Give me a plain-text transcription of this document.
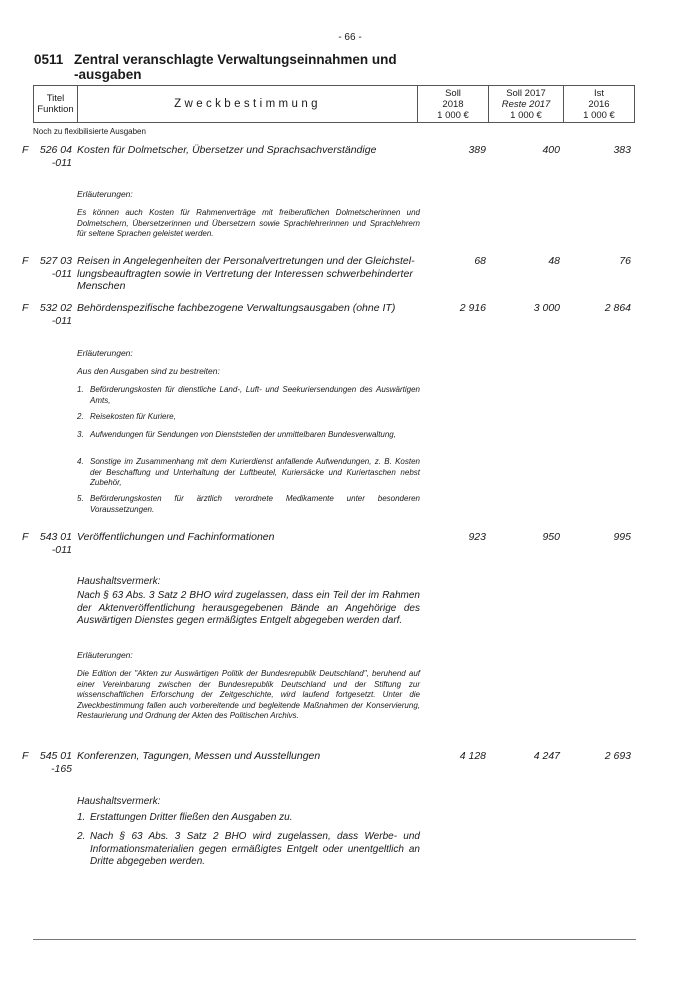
- 66 -
0511 Zentral veranschlagte Verwaltungseinnahmen und
-ausgaben
Titel
Funktion	Zweckbestimmung	
Soll
2018
1 000 €

Soll 2017
Reste 2017
1 000 €

Ist
2016
1 000 €
Noch zu flexibilisierte Ausgaben
F 526 04
-011
Kosten für Dolmetscher, Übersetzer und Sprachsachverständige	389	400	383
Erläuterungen:
Es können auch Kosten für Rahmenverträge mit freiberuflichen Dolmetscherinnen und Dolmetschern, Übersetzerinnen und Übersetzern sowie Sprachlehrerinnen und Sprachlehrern für seltene Sprachen geleistet werden.
F 527 03
-011
Reisen in Angelegenheiten der Personalvertretungen und der Gleichstel-
lungsbeauftragten sowie in Vertretung der Interessen schwerbehinderter
Menschen
68	48	76
F 532 02
-011
Behördenspezifische fachbezogene Verwaltungsausgaben (ohne IT)	2 916	3 000	2 864
Erläuterungen:
Aus den Ausgaben sind zu bestreiten:
1. Beförderungskosten für dienstliche Land-, Luft- und Seekuriersendungen des Auswärtigen Amts,
2. Reisekosten für Kuriere,
3. Aufwendungen für Sendungen von Dienststellen der unmittelbaren Bundesverwaltung,
4. Sonstige im Zusammenhang mit dem Kurierdienst anfallende Aufwendungen, z. B. Kosten der Beschaffung und Unterhaltung der Luftbeutel, Kuriersäcke und Kuriertaschen nebst Zubehör,
5. Beförderungskosten für ärztlich verordnete Medikamente unter besonderen Voraussetzungen.
F 543 01
-011
Veröffentlichungen und Fachinformationen	923	950	995
Haushaltsvermerk:
Nach § 63 Abs. 3 Satz 2 BHO wird zugelassen, dass ein Teil der im Rahmen der Aktenveröffentlichung herausgegebenen Bände an Angehörige des Auswärtigen Dienstes gegen ermäßigtes Entgelt abgegeben werden darf.
Erläuterungen:
Die Edition der "Akten zur Auswärtigen Politik der Bundesrepublik Deutschland", beruhend auf einer Vereinbarung zwischen der Bundesrepublik Deutschland und der Stiftung zur wissenschaftlichen Erforschung der Zeitgeschichte, wird laufend fortgesetzt. Unter die Zweckbestimmung fallen auch vorbereitende und begleitende Maßnahmen der Konservierung, Restaurierung und Ordnung der Akten des Politischen Archivs.
F 545 01
-165
Konferenzen, Tagungen, Messen und Ausstellungen	4 128	4 247	2 693
Haushaltsvermerk:
1. Erstattungen Dritter fließen den Ausgaben zu.
2. Nach § 63 Abs. 3 Satz 2 BHO wird zugelassen, dass Werbe- und Informationsmaterialien gegen ermäßigtes Entgelt oder unentgeltlich an Dritte abgegeben werden.
